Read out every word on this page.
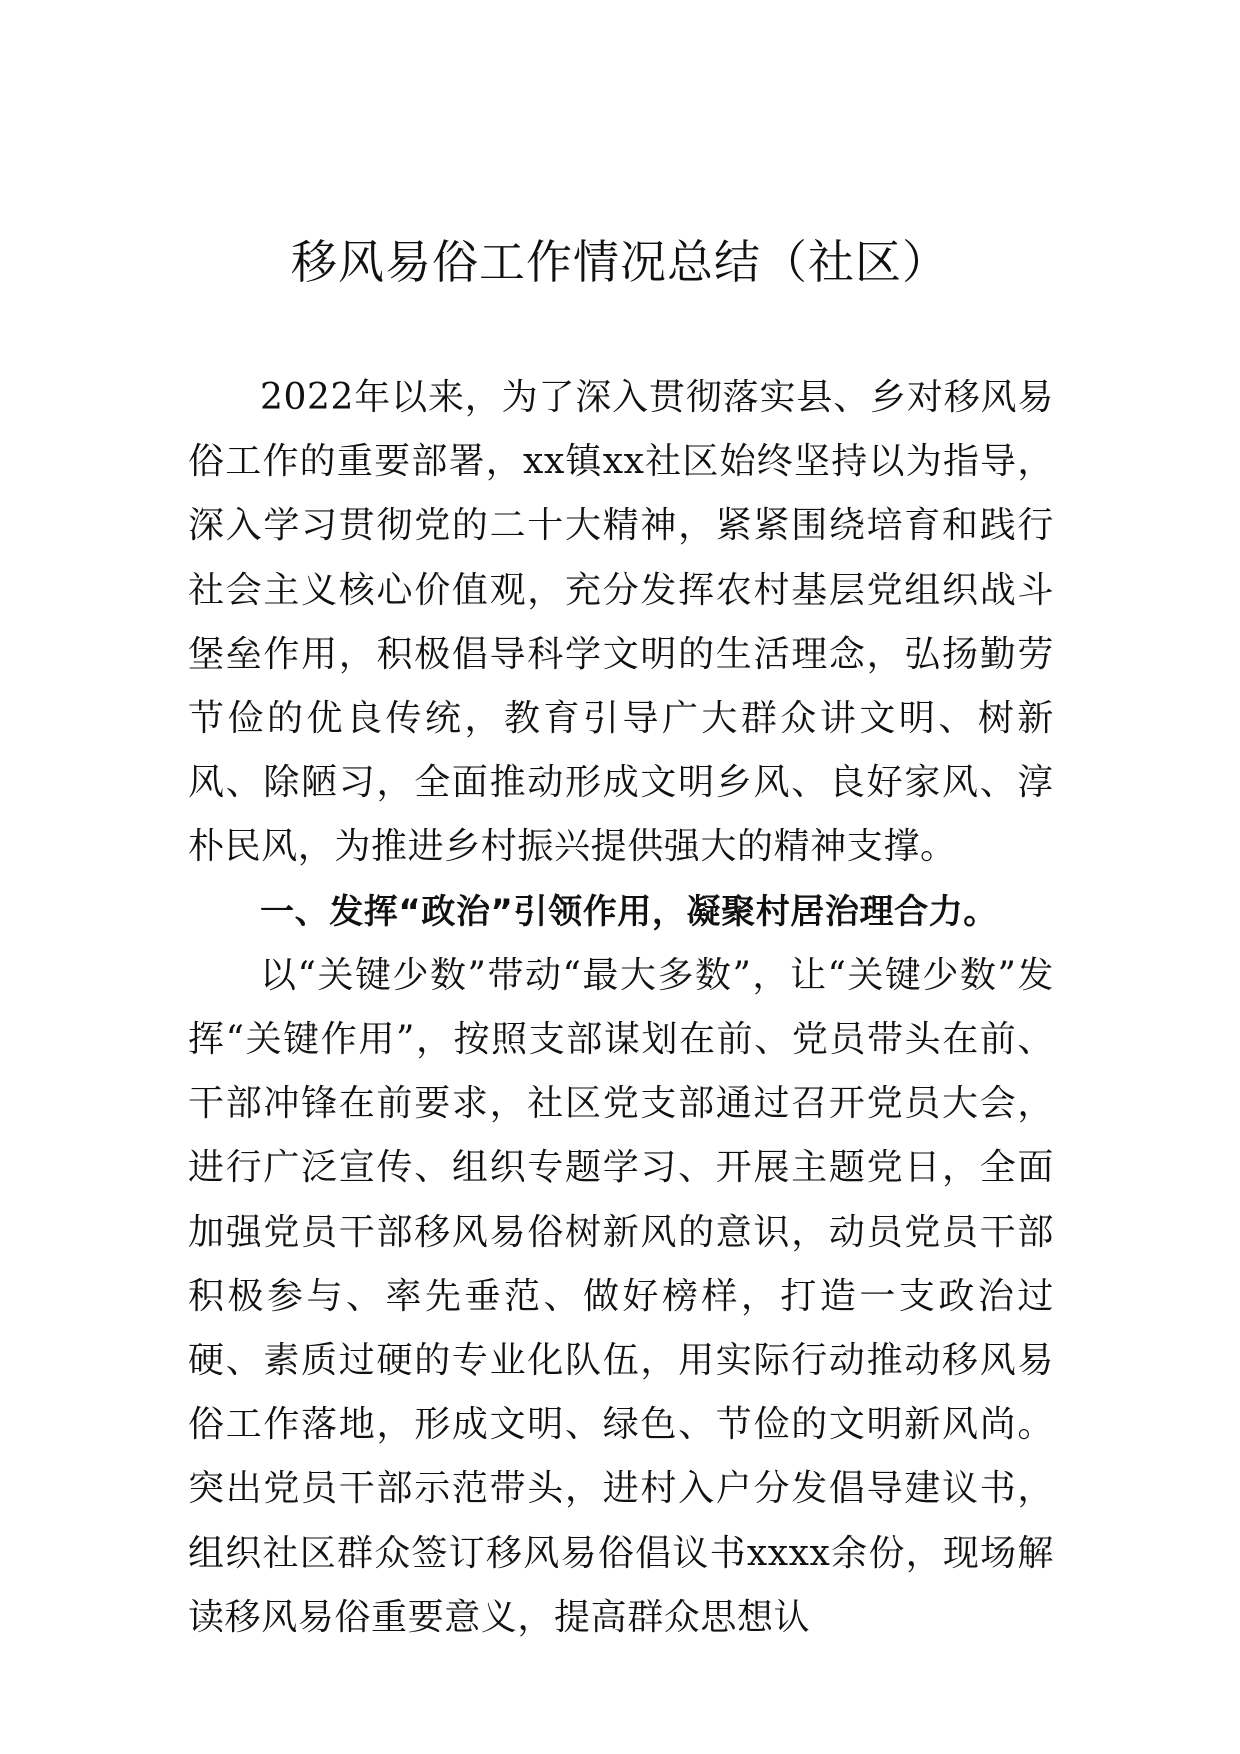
移风易俗工作情况总结（社区）

2022年以来，为了深入贯彻落实县、乡对移风易俗工作的重要部署，xx镇xx社区始终坚持以为指导，深入学习贯彻党的二十大精神，紧紧围绕培育和践行社会主义核心价值观，充分发挥农村基层党组织战斗堡垒作用，积极倡导科学文明的生活理念，弘扬勤劳节俭的优良传统，教育引导广大群众讲文明、树新风、除陋习，全面推动形成文明乡风、良好家风、淳朴民风，为推进乡村振兴提供强大的精神支撑。

一、发挥“政治”引领作用，凝聚村居治理合力。

以“关键少数”带动“最大多数”，让“关键少数”发挥“关键作用”，按照支部谋划在前、党员带头在前、干部冲锋在前要求，社区党支部通过召开党员大会，进行广泛宣传、组织专题学习、开展主题党日，全面加强党员干部移风易俗树新风的意识，动员党员干部积极参与、率先垂范、做好榜样，打造一支政治过硬、素质过硬的专业化队伍，用实际行动推动移风易俗工作落地，形成文明、绿色、节俭的文明新风尚。突出党员干部示范带头，进村入户分发倡导建议书，组织社区群众签订移风易俗倡议书xxxx余份，现场解读移风易俗重要意义，提高群众思想认
